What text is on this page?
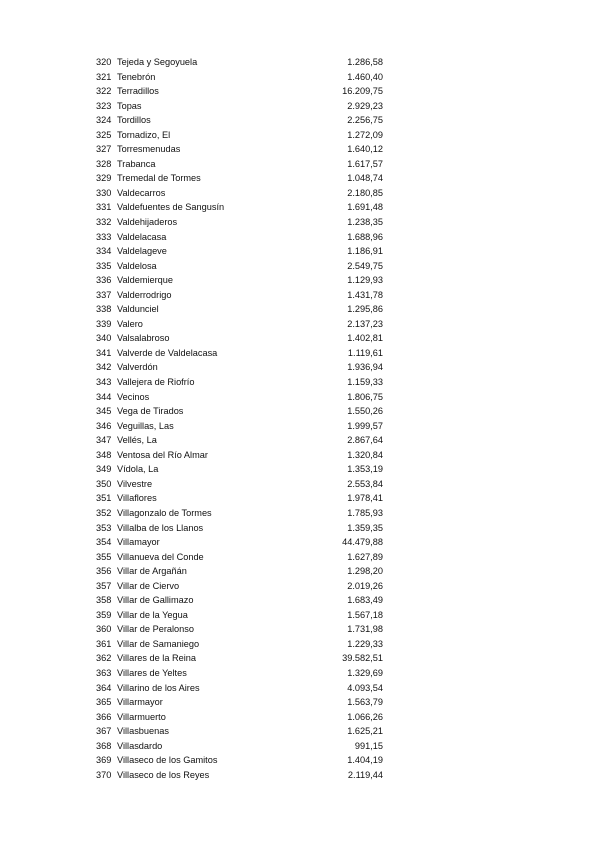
320 Tejeda y Segoyuela	1.286,58
321 Tenebrón	1.460,40
322 Terradillos	16.209,75
323 Topas	2.929,23
324 Tordillos	2.256,75
325 Tornadizo, El	1.272,09
327 Torresmenudas	1.640,12
328 Trabanca	1.617,57
329 Tremedal de Tormes	1.048,74
330 Valdecarros	2.180,85
331 Valdefuentes de Sangusín	1.691,48
332 Valdehijaderos	1.238,35
333 Valdelacasa	1.688,96
334 Valdelageve	1.186,91
335 Valdelosa	2.549,75
336 Valdemierque	1.129,93
337 Valderrodrigo	1.431,78
338 Valdunciel	1.295,86
339 Valero	2.137,23
340 Valsalabroso	1.402,81
341 Valverde de Valdelacasa	1.119,61
342 Valverdón	1.936,94
343 Vallejera de Riofrío	1.159,33
344 Vecinos	1.806,75
345 Vega de Tirados	1.550,26
346 Veguillas, Las	1.999,57
347 Vellés, La	2.867,64
348 Ventosa del Río Almar	1.320,84
349 Vídola, La	1.353,19
350 Vilvestre	2.553,84
351 Villaflores	1.978,41
352 Villagonzalo de Tormes	1.785,93
353 Villalba de los Llanos	1.359,35
354 Villamayor	44.479,88
355 Villanueva del Conde	1.627,89
356 Villar de Argañán	1.298,20
357 Villar de Ciervo	2.019,26
358 Villar de Gallimazo	1.683,49
359 Villar de la Yegua	1.567,18
360 Villar de Peralonso	1.731,98
361 Villar de Samaniego	1.229,33
362 Villares de la Reina	39.582,51
363 Villares de Yeltes	1.329,69
364 Villarino de los Aires	4.093,54
365 Villarmayor	1.563,79
366 Villarmuerto	1.066,26
367 Villasbuenas	1.625,21
368 Villasdardo	991,15
369 Villaseco de los Gamitos	1.404,19
370 Villaseco de los Reyes	2.119,44
